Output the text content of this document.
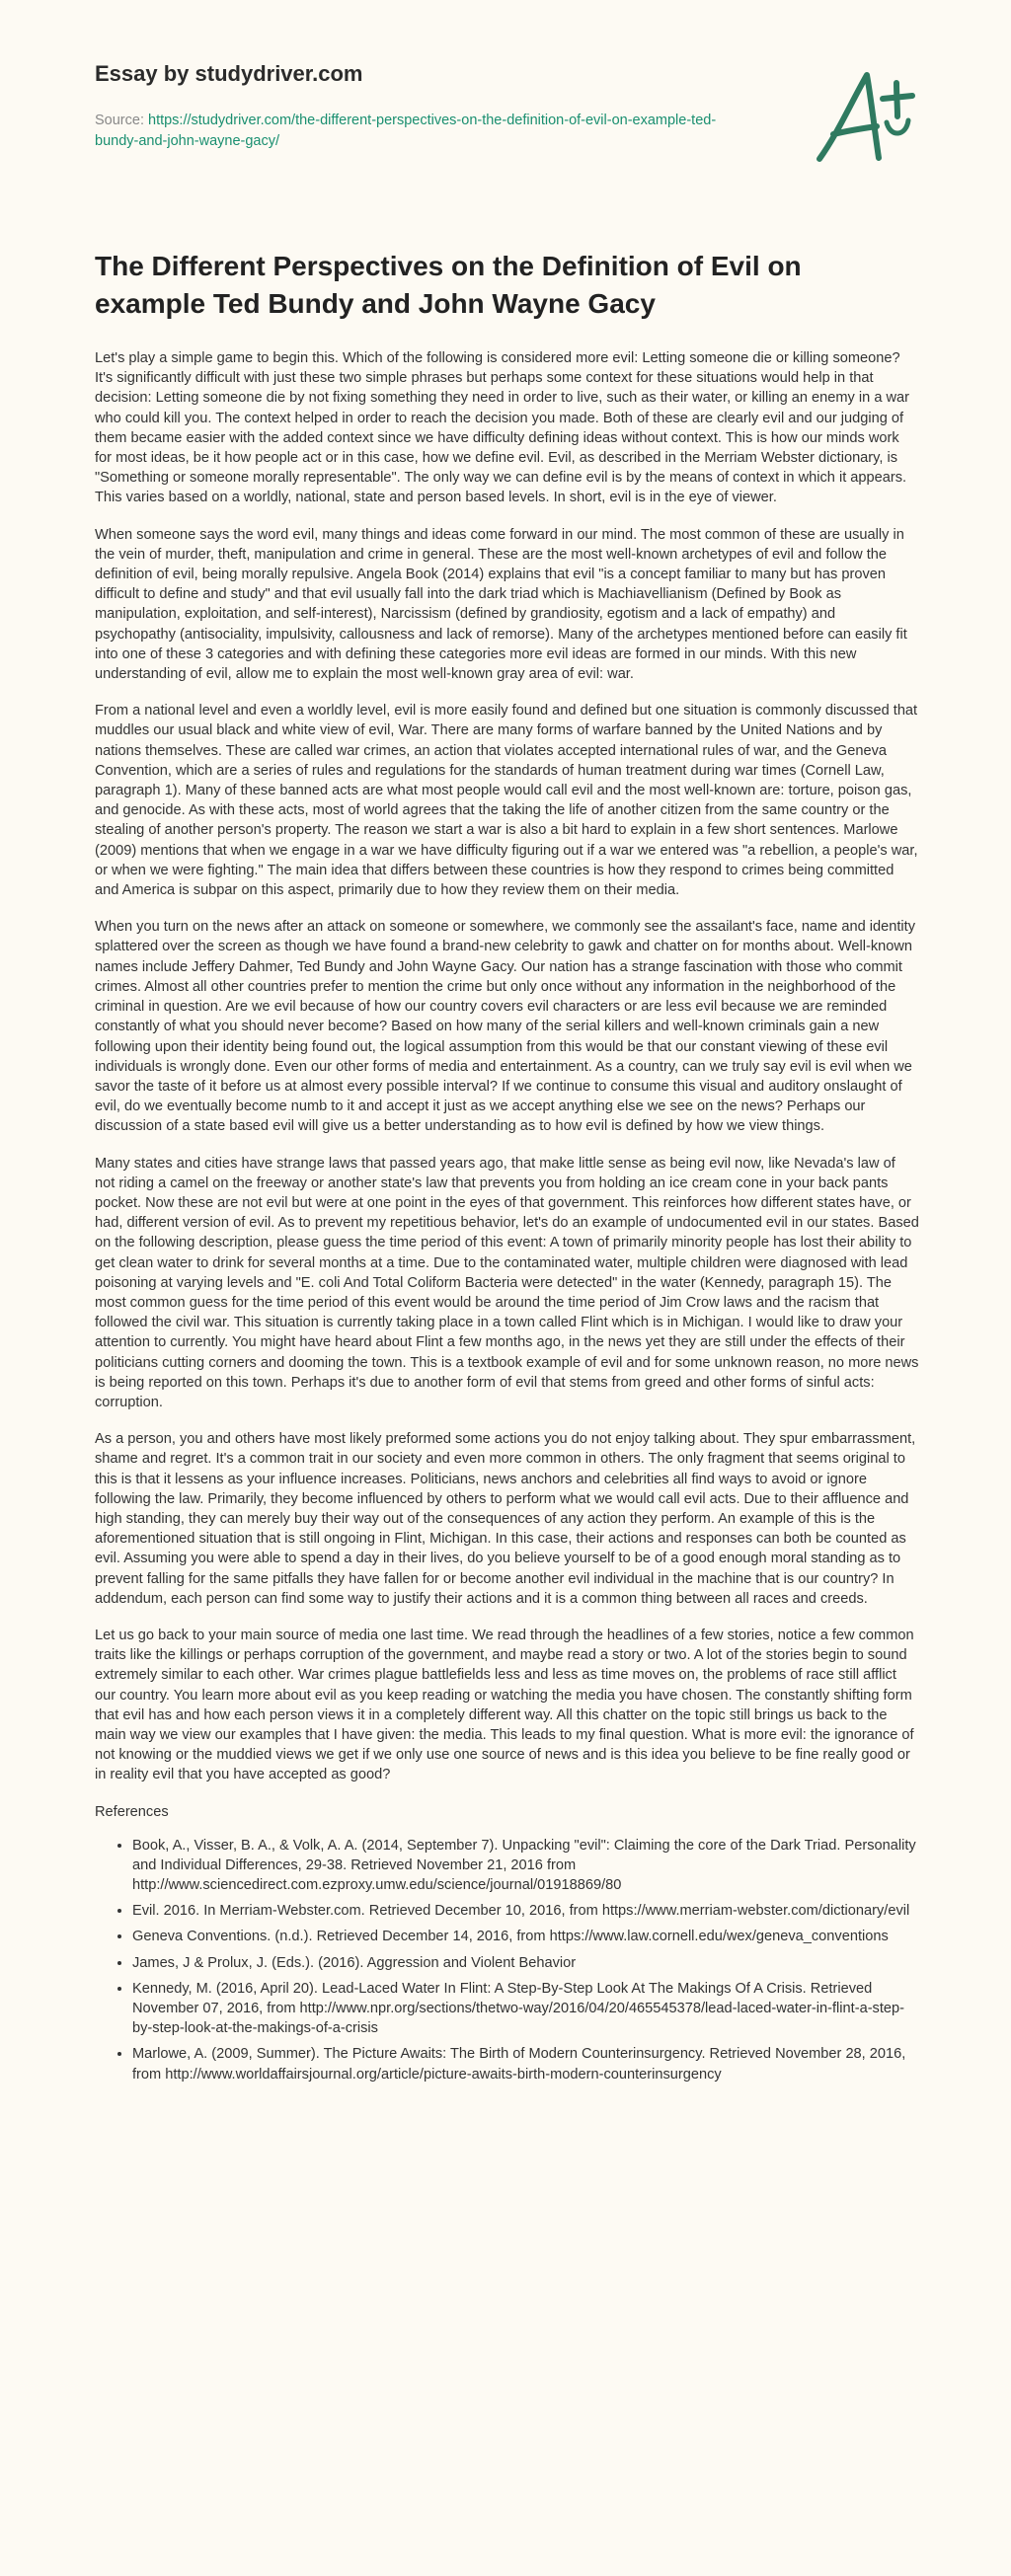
Essay by studydriver.com
Source: https://studydriver.com/the-different-perspectives-on-the-definition-of-evil-on-example-ted-bundy-and-john-wayne-gacy/
The Different Perspectives on the Definition of Evil on example Ted Bundy and John Wayne Gacy

Let's play a simple game to begin this. Which of the following is considered more evil: Letting someone die or killing someone? It's significantly difficult with just these two simple phrases but perhaps some context for these situations would help in that decision: Letting someone die by not fixing something they need in order to live, such as their water, or killing an enemy in a war who could kill you. The context helped in order to reach the decision you made. Both of these are clearly evil and our judging of them became easier with the added context since we have difficulty defining ideas without context. This is how our minds work for most ideas, be it how people act or in this case, how we define evil. Evil, as described in the Merriam Webster dictionary, is "Something or someone morally representable". The only way we can define evil is by the means of context in which it appears. This varies based on a worldly, national, state and person based levels. In short, evil is in the eye of viewer.

When someone says the word evil, many things and ideas come forward in our mind. The most common of these are usually in the vein of murder, theft, manipulation and crime in general. These are the most well-known archetypes of evil and follow the definition of evil, being morally repulsive. Angela Book (2014) explains that evil "is a concept familiar to many but has proven difficult to define and study" and that evil usually fall into the dark triad which is Machiavellianism (Defined by Book as manipulation, exploitation, and self-interest), Narcissism (defined by grandiosity, egotism and a lack of empathy) and psychopathy (antisociality, impulsivity, callousness and lack of remorse). Many of the archetypes mentioned before can easily fit into one of these 3 categories and with defining these categories more evil ideas are formed in our minds. With this new understanding of evil, allow me to explain the most well-known gray area of evil: war.

From a national level and even a worldly level, evil is more easily found and defined but one situation is commonly discussed that muddles our usual black and white view of evil, War. There are many forms of warfare banned by the United Nations and by nations themselves. These are called war crimes, an action that violates accepted international rules of war, and the Geneva Convention, which are a series of rules and regulations for the standards of human treatment during war times (Cornell Law, paragraph 1). Many of these banned acts are what most people would call evil and the most well-known are: torture, poison gas, and genocide. As with these acts, most of world agrees that the taking the life of another citizen from the same country or the stealing of another person's property. The reason we start a war is also a bit hard to explain in a few short sentences. Marlowe (2009) mentions that when we engage in a war we have difficulty figuring out if a war we entered was "a rebellion, a people's war, or when we were fighting." The main idea that differs between these countries is how they respond to crimes being committed and America is subpar on this aspect, primarily due to how they review them on their media.

When you turn on the news after an attack on someone or somewhere, we commonly see the assailant's face, name and identity splattered over the screen as though we have found a brand-new celebrity to gawk and chatter on for months about. Well-known names include Jeffery Dahmer, Ted Bundy and John Wayne Gacy. Our nation has a strange fascination with those who commit crimes. Almost all other countries prefer to mention the crime but only once without any information in the neighborhood of the criminal in question. Are we evil because of how our country covers evil characters or are less evil because we are reminded constantly of what you should never become? Based on how many of the serial killers and well-known criminals gain a new following upon their identity being found out, the logical assumption from this would be that our constant viewing of these evil individuals is wrongly done. Even our other forms of media and entertainment. As a country, can we truly say evil is evil when we savor the taste of it before us at almost every possible interval? If we continue to consume this visual and auditory onslaught of evil, do we eventually become numb to it and accept it just as we accept anything else we see on the news? Perhaps our discussion of a state based evil will give us a better understanding as to how evil is defined by how we view things.

Many states and cities have strange laws that passed years ago, that make little sense as being evil now, like Nevada's law of not riding a camel on the freeway or another state's law that prevents you from holding an ice cream cone in your back pants pocket. Now these are not evil but were at one point in the eyes of that government. This reinforces how different states have, or had, different version of evil. As to prevent my repetitious behavior, let's do an example of undocumented evil in our states. Based on the following description, please guess the time period of this event: A town of primarily minority people has lost their ability to get clean water to drink for several months at a time. Due to the contaminated water, multiple children were diagnosed with lead poisoning at varying levels and "E. coli And Total Coliform Bacteria were detected" in the water (Kennedy, paragraph 15). The most common guess for the time period of this event would be around the time period of Jim Crow laws and the racism that followed the civil war. This situation is currently taking place in a town called Flint which is in Michigan. I would like to draw your attention to currently. You might have heard about Flint a few months ago, in the news yet they are still under the effects of their politicians cutting corners and dooming the town. This is a textbook example of evil and for some unknown reason, no more news is being reported on this town. Perhaps it's due to another form of evil that stems from greed and other forms of sinful acts: corruption.

As a person, you and others have most likely preformed some actions you do not enjoy talking about. They spur embarrassment, shame and regret. It's a common trait in our society and even more common in others. The only fragment that seems original to this is that it lessens as your influence increases. Politicians, news anchors and celebrities all find ways to avoid or ignore following the law. Primarily, they become influenced by others to perform what we would call evil acts. Due to their affluence and high standing, they can merely buy their way out of the consequences of any action they perform. An example of this is the aforementioned situation that is still ongoing in Flint, Michigan. In this case, their actions and responses can both be counted as evil. Assuming you were able to spend a day in their lives, do you believe yourself to be of a good enough moral standing as to prevent falling for the same pitfalls they have fallen for or become another evil individual in the machine that is our country? In addendum, each person can find some way to justify their actions and it is a common thing between all races and creeds.

Let us go back to your main source of media one last time. We read through the headlines of a few stories, notice a few common traits like the killings or perhaps corruption of the government, and maybe read a story or two. A lot of the stories begin to sound extremely similar to each other. War crimes plague battlefields less and less as time moves on, the problems of race still afflict our country. You learn more about evil as you keep reading or watching the media you have chosen. The constantly shifting form that evil has and how each person views it in a completely different way. All this chatter on the topic still brings us back to the main way we view our examples that I have given: the media. This leads to my final question. What is more evil: the ignorance of not knowing or the muddied views we get if we only use one source of news and is this idea you believe to be fine really good or in reality evil that you have accepted as good?

References
• Book, A., Visser, B. A., & Volk, A. A. (2014, September 7). Unpacking "evil": Claiming the core of the Dark Triad. Personality and Individual Differences, 29-38. Retrieved November 21, 2016 from http://www.sciencedirect.com.ezproxy.umw.edu/science/journal/01918869/80
• Evil. 2016. In Merriam-Webster.com. Retrieved December 10, 2016, from https://www.merriam-webster.com/dictionary/evil
• Geneva Conventions. (n.d.). Retrieved December 14, 2016, from https://www.law.cornell.edu/wex/geneva_conventions
• James, J & Prolux, J. (Eds.). (2016). Aggression and Violent Behavior
• Kennedy, M. (2016, April 20). Lead-Laced Water In Flint: A Step-By-Step Look At The Makings Of A Crisis. Retrieved November 07, 2016, from http://www.npr.org/sections/thetwo-way/2016/04/20/465545378/lead-laced-water-in-flint-a-step-by-step-look-at-the-makings-of-a-crisis
• Marlowe, A. (2009, Summer). The Picture Awaits: The Birth of Modern Counterinsurgency. Retrieved November 28, 2016, from http://www.worldaffairsjournal.org/article/picture-awaits-birth-modern-counterinsurgency
